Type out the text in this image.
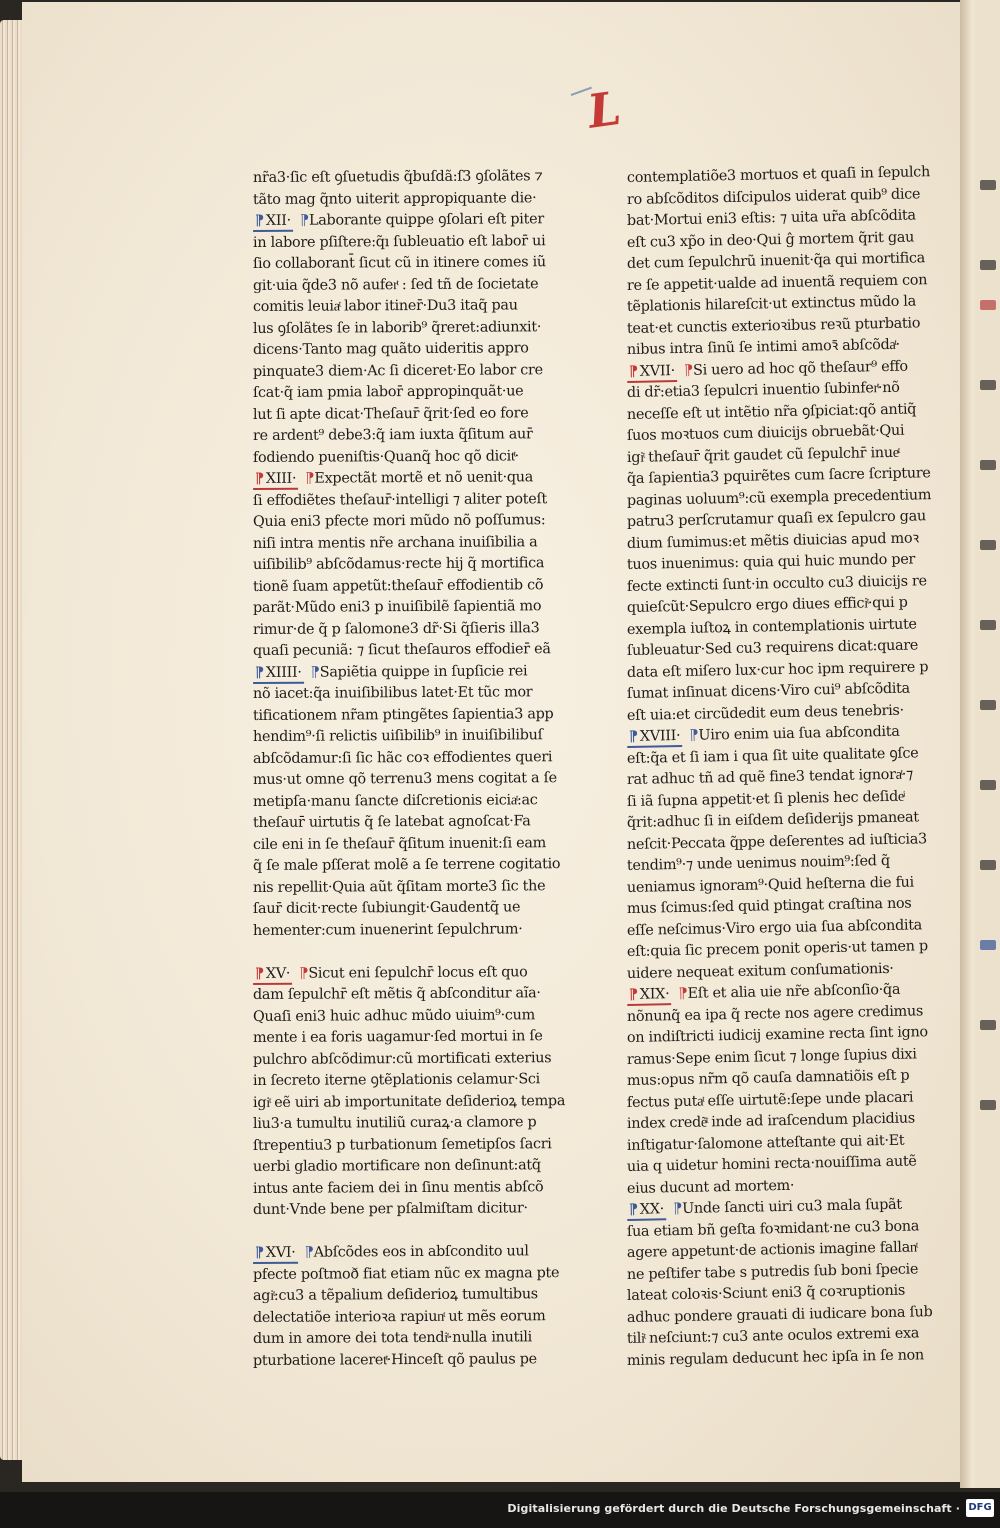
L
nr̃a3·ſic eſt ꝯſuetudis q̃buſdã:ſ3 ꝯſolãtes ⁊
tãto mag q̃nto uiterit appropiquante die·
⁋ XII· ⁋Laborante quippe ꝯſolari eſt piter
in labore pſiſtere:q̃ı ſubleuatio eſt labor̄ ui
ſio collaborant̄ ſicut cũ in itinere comes iũ
git·uia q̃de3 nõ auferͭ : ſed tñ de ſocietate
comitis leuiaͭ labor itiner̄·Du3 itaq̃ pau
lus ꝯſolãtes ſe in laborib⁹ q̃reret:adiunxit·
dicens·Tanto mag quãto uideritis appro
pinquate3 diem·Ac ſi diceret·Eo labor cre
ſcat·q̃ iam pmia labor̄ appropinquãt·ue
lut ſi apte dicat·Theſaur̄ q̃rit·ſed eo fore
re ardent⁹ debe3:q̃ iam iuxta q̃ſitum aur̄
fodiendo pueniſtis·Quanq̃ hoc qõ dicitͭ·
⁋ XIII· ⁋Expectãt mortẽ et nõ uenit·qua
ſi effodiẽtes theſaur̄·intelligi ⁊ aliter poteſt
Quia eni3 pfecte mori mũdo nõ poſſumus:
niſi intra mentis nr̃e archana inuiſibilia a
uiſibilib⁹ abſcõdamus·recte hij q̃ mortifica
tionẽ ſuam appetũt:theſaur̄ effodientib cõ
parãt·Mũdo eni3 p inuiſibilẽ ſapientiã mo
rimur·de q̃ p ſalomone3 dr̃·Si q̃ſieris illa3
quaſi pecuniã: ⁊ ſicut theſauros effodier̄ eã
⁋ XIIII· ⁋Sapiẽtia quippe in ſupſicie rei
nõ iacet:q̃a inuiſibilibus latet·Et tũc mor
tificationem nr̃am ptingẽtes ſapientia3 app
hendim⁹·ſi relictis uiſibilib⁹ in inuiſibilibuſ
abſcõdamur:ſi ſic hãc coꝛ effodientes queri
mus·ut omne qõ terrenu3 mens cogitat a ſe
metipſa·manu ſancte diſcretionis eiciaͭ:ac
theſaur̄ uirtutis q̃ ſe latebat agnoſcat·Fa
cile eni in ſe theſaur̄ q̃ſitum inuenit:ſi eam
q̃ ſe male pſſerat molẽ a ſe terrene cogitatio
nis repellit·Quia aũt q̃ſitam morte3 ſic the
ſaur̄ dicit·recte ſubiungit·Gaudentq̃ ue
hementer:cum inuenerint ſepulchrum·
⁋ XV· ⁋Sicut eni ſepulchr̄ locus eſt quo
dam ſepulchr̄ eſt mẽtis q̃ abſconditur aĩa·
Quaſi eni3 huic adhuc mũdo uiuim⁹·cum
mente i ea foris uagamur·ſed mortui in ſe
pulchro abſcõdimur:cũ mortificati exterius
in ſecreto iterne ꝯtẽplationis celamur·Sci
igiͭ eẽ uiri ab importunitate deſiderioꝝ tempa
liu3·a tumultu inutiliũ curaꝝ·a clamore p
ſtrepentiu3 p turbationum ſemetipſos ſacri
uerbi gladio mortificare non deſinunt:atq̃
intus ante faciem dei in ſinu mentis abſcõ
dunt·Vnde bene per pſalmiſtam dicitur·
⁋ XVI· ⁋Abſcõdes eos in abſcondito uul
pfecte poſtmoð fiat etiam nũc ex magna pte
agiͭ:cu3 a tẽpalium deſiderioꝝ tumultibus
delectatiõe interioꝛa rapiunͭ ut mẽs eorum
dum in amore dei tota tendiͭ·nulla inutili
pturbatione laceretͭ·Hinceſt qõ paulus pe
contemplatiõe3 mortuos et quaſi in ſepulch
ro abſcõditos diſcipulos uiderat quib⁹ dice
bat·Mortui eni3 eſtis: ⁊ uita ur̃a abſcõdita
eſt cu3 xp̃o in deo·Qui ĝ mortem q̃rit gau
det cum ſepulchrũ inuenit·q̃a qui mortifica
re ſe appetit·ualde ad inuentã requiem con
tẽplationis hilareſcit·ut extinctus mũdo la
teat·et cunctis exterioꝛibus reꝛũ pturbatio
nibus intra ſinũ ſe intimi amoꝛ̄ abſcõdaͭ·
⁋ XVII· ⁋Si uero ad hoc qõ theſaur⁹ effo
di dr̃:etia3 ſepulcri inuentio ſubinferͭ·nõ
neceſſe eſt ut intẽtio nr̃a ꝯſpiciat:qõ antiq̃
ſuos moꝛtuos cum diuicijs obruebãt·Qui
igiͭ theſaur̄ q̃rit gaudet cũ ſepulchr̄ inueͭ
q̃a ſapientia3 pquirẽtes cum ſacre ſcripture
paginas uoluum⁹:cũ exempla precedentium
patru3 perſcrutamur quaſi ex ſepulcro gau
dium ſumimus:et mẽtis diuicias apud moꝛ
tuos inuenimus: quia qui huic mundo per
fecte extincti ſunt·in occulto cu3 diuicijs re
quieſcũt·Sepulcro ergo diues efficiͭ·qui p
exempla iuſtoꝝ in contemplationis uirtute
ſubleuatur·Sed cu3 requirens dicat:quare
data eſt miſero lux·cur hoc ipm requirere p
ſumat inſinuat dicens·Viro cui⁹ abſcõdita
eſt uia:et circũdedit eum deus tenebris·
⁋ XVIII· ⁋Uiro enim uia ſua abſcondita
eſt:q̃a et ſi iam i qua ſit uite qualitate ꝯſce
rat adhuc tñ ad quẽ fine3 tendat ignoraͭ·⁊
ſi iã ſupna appetit·et ſi plenis hec deſideͥ
q̃rit:adhuc ſi in eiſdem deſiderijs pmaneat
neſcit·Peccata q̃ppe deſerentes ad iuſticia3
tendim⁹·⁊ unde uenimus nouim⁹:ſed q̃
ueniamus ignoram⁹·Quid heſterna die fui
mus ſcimus:ſed quid ptingat craſtina nos
eſſe neſcimus·Viro ergo uia ſua abſcondita
eſt:quia ſic precem ponit operis·ut tamen p
uidere nequeat exitum conſumationis·
⁋ XIX· ⁋Eſt et alia uie nr̃e abſconſio·q̃a
nõnunq̃ ea ipa q̃ recte nos agere credimus
on indiſtricti iudicij examine recta ſint igno
ramus·Sepe enim ſicut ⁊ longe ſupius dixi
mus:opus nr̃m qõ cauſa damnatiõis eſt p
fectus putaͭ eſſe uirtutẽ:ſepe unde placari
index credẽͭ inde ad iraſcendum placidius
inſtigatur·ſalomone atteſtante qui ait·Et
uia q uidetur homini recta·nouiſſima autẽ
eius ducunt ad mortem·
⁋ XX· ⁋Unde ſancti uiri cu3 mala ſupãt
ſua etiam bñ geſta foꝛmidant·ne cu3 bona
agere appetunt·de actionis imagine fallanͭ
ne peſtifer tabe s putredis ſub boni ſpecie
lateat coloꝛis·Sciunt eni3 q̃ coꝛruptionis
adhuc pondere grauati di iudicare bona ſub
tiliͭ neſciunt:⁊ cu3 ante oculos extremi exa
minis regulam deducunt hec ipſa in ſe non
Digitalisierung gefördert durch die Deutsche Forschungsgemeinschaft · DFG
